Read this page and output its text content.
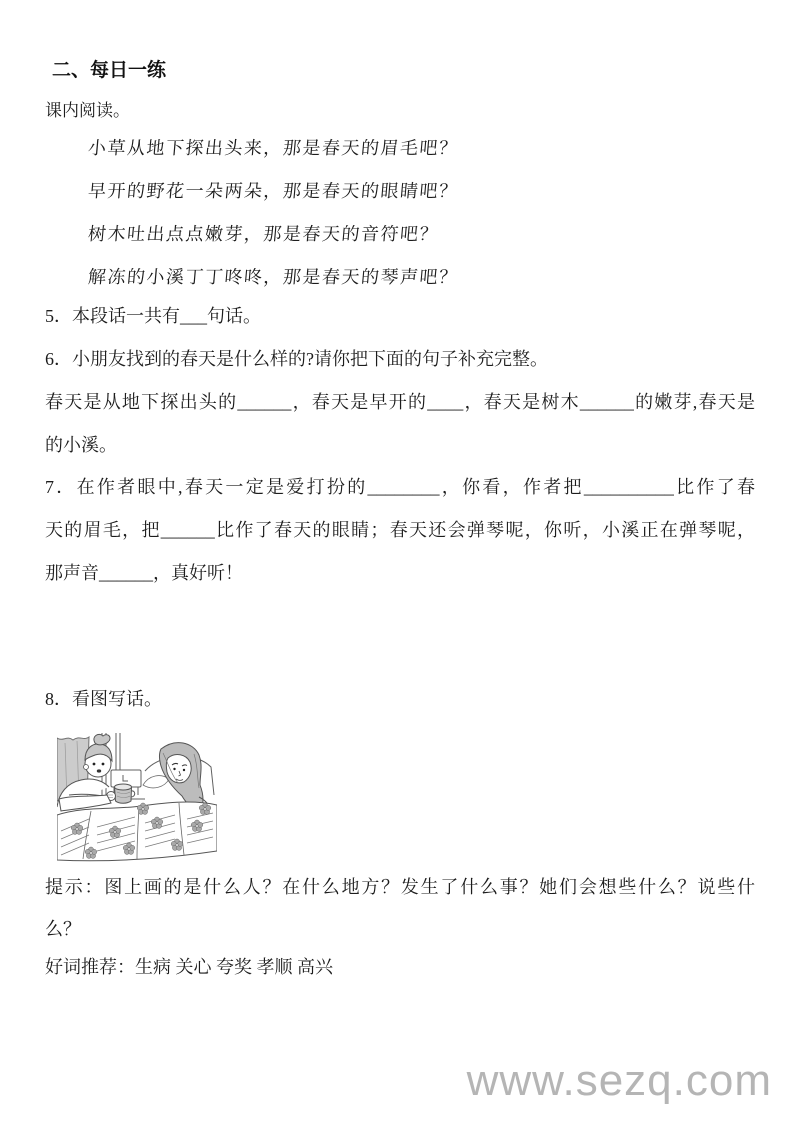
二、每日一练
课内阅读。
小草从地下探出头来，那是春天的眉毛吧？
早开的野花一朵两朵，那是春天的眼睛吧？
树木吐出点点嫩芽，那是春天的音符吧？
解冻的小溪丁丁咚咚，那是春天的琴声吧？
5．本段话一共有___句话。
6．小朋友找到的春天是什么样的?请你把下面的句子补充完整。
春天是从地下探出头的______，春天是早开的____，春天是树木______的嫩芽,春天是
的小溪。
7．在作者眼中,春天一定是爱打扮的________，你看，作者把__________比作了春
天的眉毛，把______比作了春天的眼睛；春天还会弹琴呢，你听，小溪正在弹琴呢，
那声音______，真好听！
8．看图写话。
提示：图上画的是什么人？在什么地方？发生了什么事？她们会想些什么？说些什
么？
好词推荐：生病 关心 夸奖 孝顺 高兴
www.sezq.com
